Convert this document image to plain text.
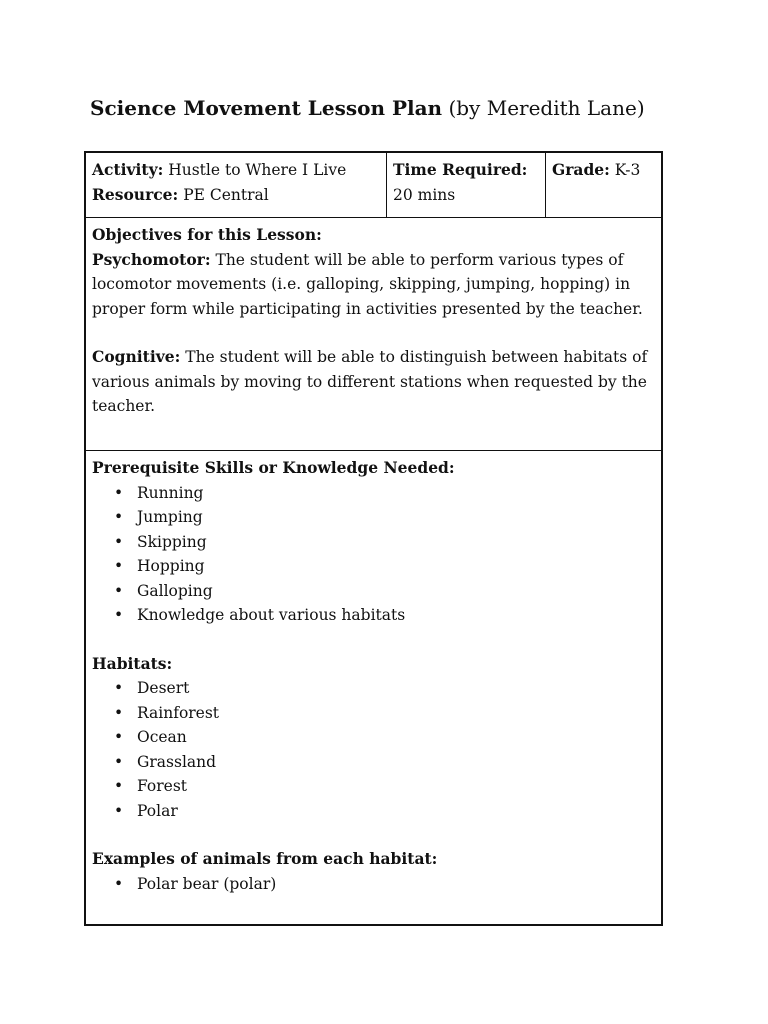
Science Movement Lesson Plan (by Meredith Lane)
Activity: Hustle to Where I Live
Resource: PE Central
Time Required:
20 mins
Grade: K-3

Objectives for this Lesson:

Psychomotor: The student will be able to perform various types of locomotor movements (i.e. galloping, skipping, jumping, hopping) in proper form while participating in activities presented by the teacher.

Cognitive: The student will be able to distinguish between habitats of various animals by moving to different stations when requested by the teacher.

Prerequisite Skills or Knowledge Needed:

• Running
• Jumping
• Skipping
• Hopping
• Galloping
• Knowledge about various habitats

Habitats:

• Desert
• Rainforest
• Ocean
• Grassland
• Forest
• Polar

Examples of animals from each habitat:

• Polar bear (polar)
